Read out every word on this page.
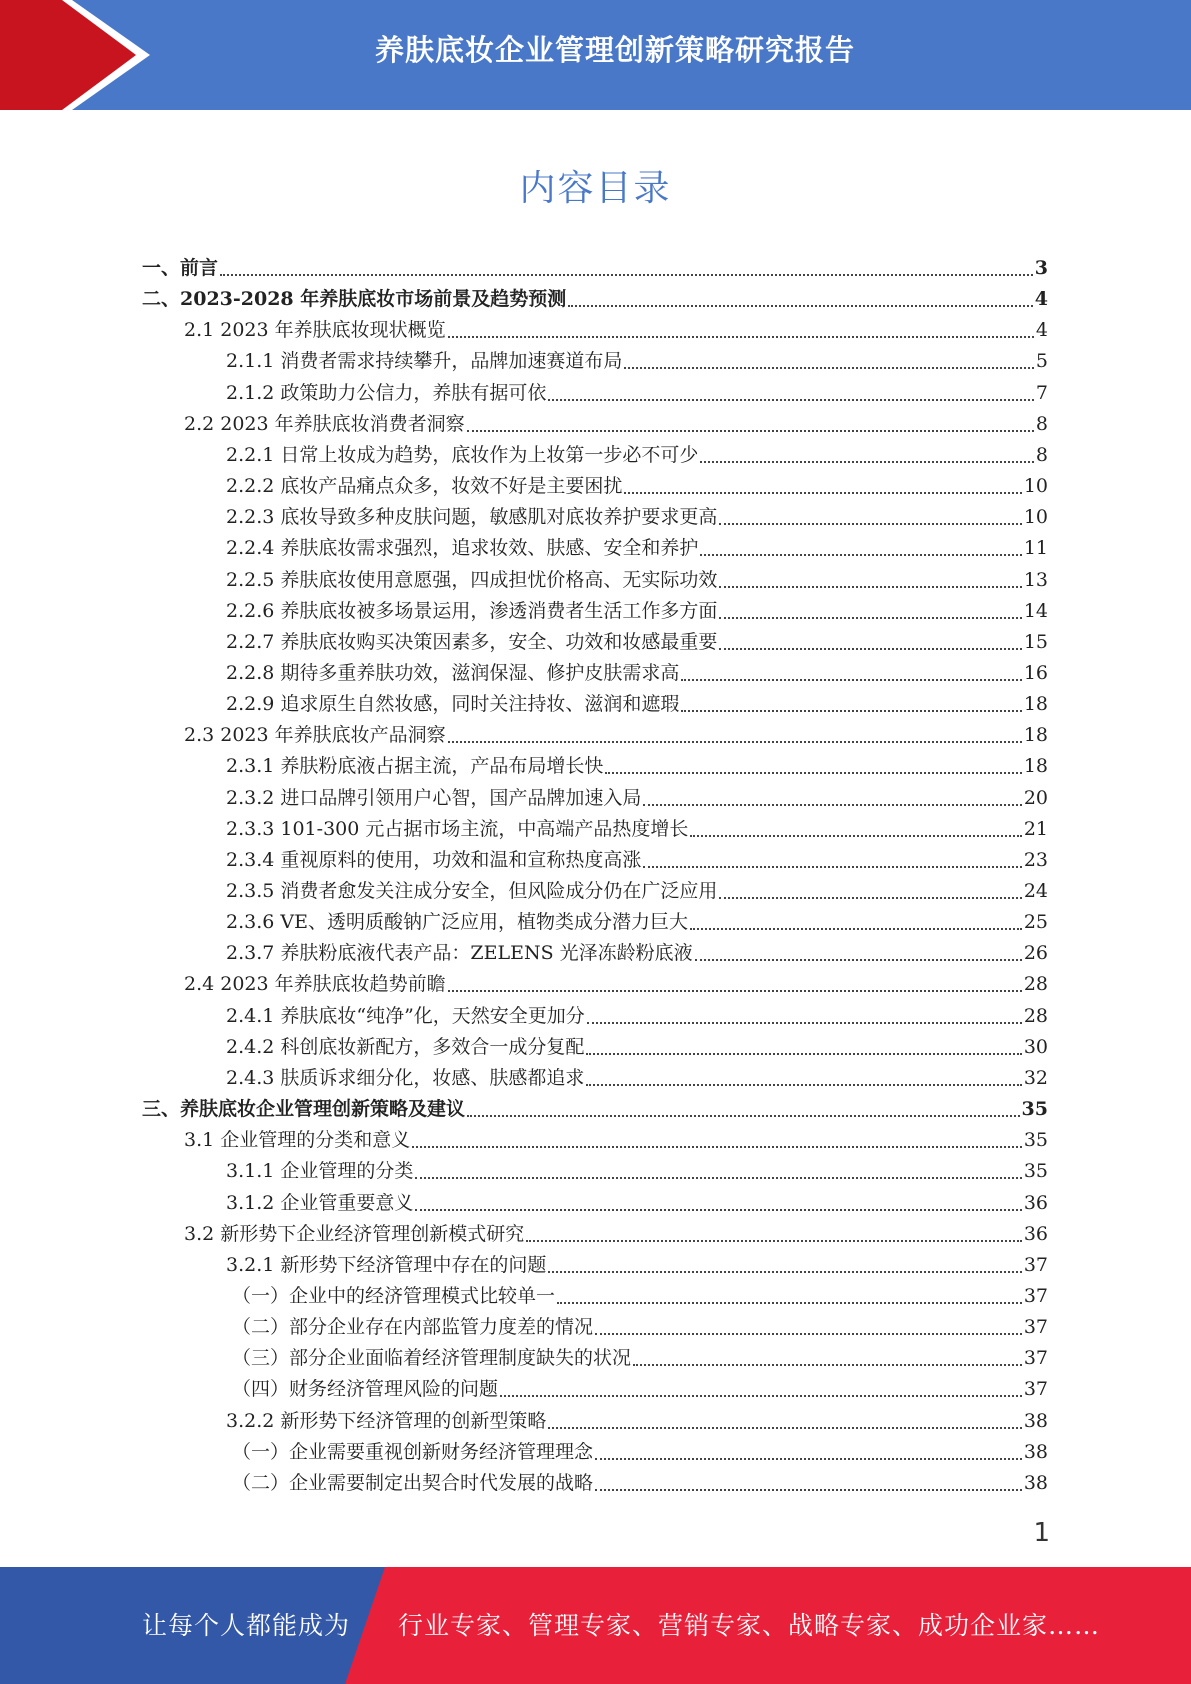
养肤底妆企业管理创新策略研究报告
内容目录
一、前言	3
二、2023-2028 年养肤底妆市场前景及趋势预测	4
2.1 2023 年养肤底妆现状概览	4
2.1.1 消费者需求持续攀升，品牌加速赛道布局	5
2.1.2 政策助力公信力，养肤有据可依	7
2.2 2023 年养肤底妆消费者洞察	8
2.2.1 日常上妆成为趋势，底妆作为上妆第一步必不可少	8
2.2.2 底妆产品痛点众多，妆效不好是主要困扰	10
2.2.3 底妆导致多种皮肤问题，敏感肌对底妆养护要求更高	10
2.2.4 养肤底妆需求强烈，追求妆效、肤感、安全和养护	11
2.2.5 养肤底妆使用意愿强，四成担忧价格高、无实际功效	13
2.2.6 养肤底妆被多场景运用，渗透消费者生活工作多方面	14
2.2.7 养肤底妆购买决策因素多，安全、功效和妆感最重要	15
2.2.8 期待多重养肤功效，滋润保湿、修护皮肤需求高	16
2.2.9 追求原生自然妆感，同时关注持妆、滋润和遮瑕	18
2.3 2023 年养肤底妆产品洞察	18
2.3.1 养肤粉底液占据主流，产品布局增长快	18
2.3.2 进口品牌引领用户心智，国产品牌加速入局	20
2.3.3 101-300 元占据市场主流，中高端产品热度增长	21
2.3.4 重视原料的使用，功效和温和宣称热度高涨	23
2.3.5 消费者愈发关注成分安全，但风险成分仍在广泛应用	24
2.3.6 VE、透明质酸钠广泛应用，植物类成分潜力巨大	25
2.3.7 养肤粉底液代表产品：ZELENS 光泽冻龄粉底液	26
2.4 2023 年养肤底妆趋势前瞻	28
2.4.1 养肤底妆“纯净”化，天然安全更加分	28
2.4.2 科创底妆新配方，多效合一成分复配	30
2.4.3 肤质诉求细分化，妆感、肤感都追求	32
三、养肤底妆企业管理创新策略及建议	35
3.1 企业管理的分类和意义	35
3.1.1 企业管理的分类	35
3.1.2 企业管重要意义	36
3.2 新形势下企业经济管理创新模式研究	36
3.2.1 新形势下经济管理中存在的问题	37
（一）企业中的经济管理模式比较单一	37
（二）部分企业存在内部监管力度差的情况	37
（三）部分企业面临着经济管理制度缺失的状况	37
（四）财务经济管理风险的问题	37
3.2.2 新形势下经济管理的创新型策略	38
（一）企业需要重视创新财务经济管理理念	38
（二）企业需要制定出契合时代发展的战略	38
1
让每个人都能成为 行业专家、管理专家、营销专家、战略专家、成功企业家……
